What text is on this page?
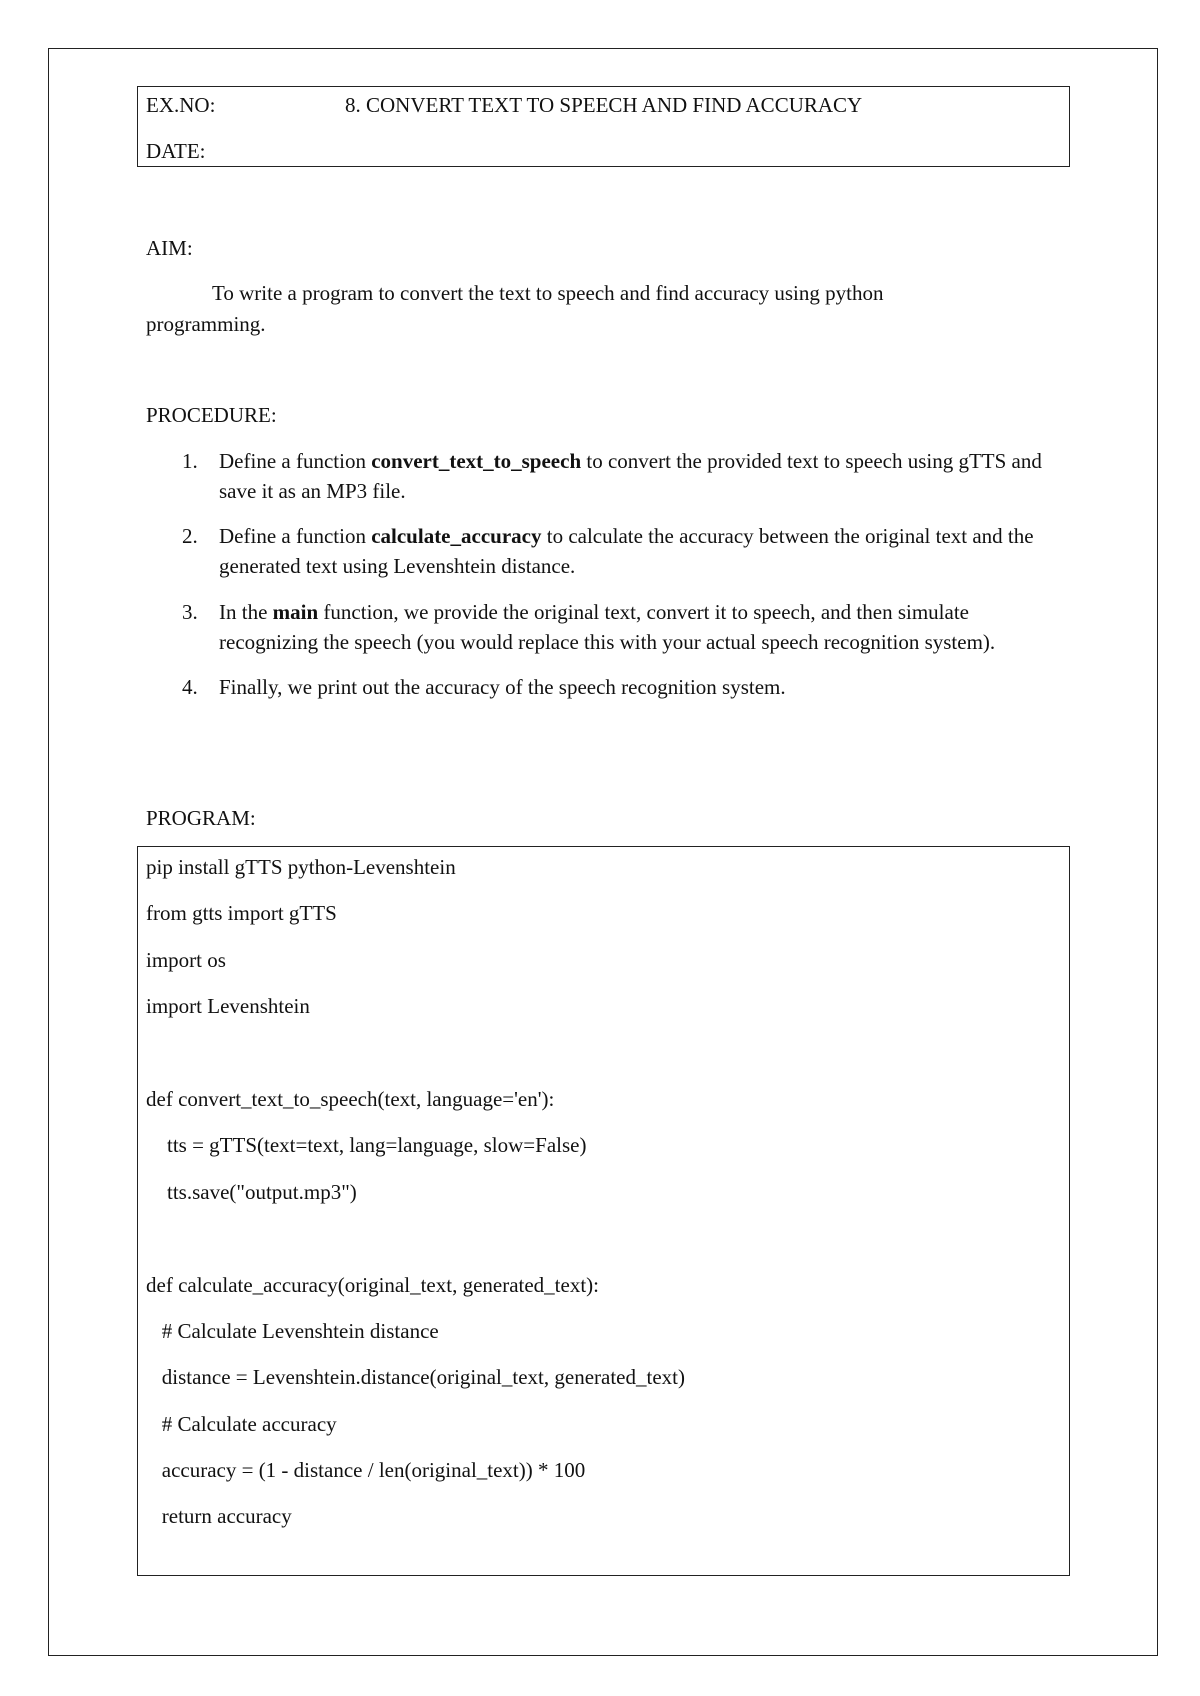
EX.NO:	8. CONVERT TEXT TO SPEECH AND FIND ACCURACY
DATE:
AIM:

To write a program to convert the text to speech and find accuracy using python

programming.

PROCEDURE:
1. Define a function convert_text_to_speech to convert the provided text to speech using gTTS and save it as an MP3 file.
2. Define a function calculate_accuracy to calculate the accuracy between the original text and the generated text using Levenshtein distance.
3. In the main function, we provide the original text, convert it to speech, and then simulate recognizing the speech (you would replace this with your actual speech recognition system).
4. Finally, we print out the accuracy of the speech recognition system.
PROGRAM:
pip install gTTS python-Levenshtein
from gtts import gTTS
import os
import Levenshtein
def convert_text_to_speech(text, language='en'):
tts = gTTS(text=text, lang=language, slow=False)
tts.save("output.mp3")
def calculate_accuracy(original_text, generated_text):
# Calculate Levenshtein distance
distance = Levenshtein.distance(original_text, generated_text)
# Calculate accuracy
accuracy = (1 - distance / len(original_text)) * 100
return accuracy
